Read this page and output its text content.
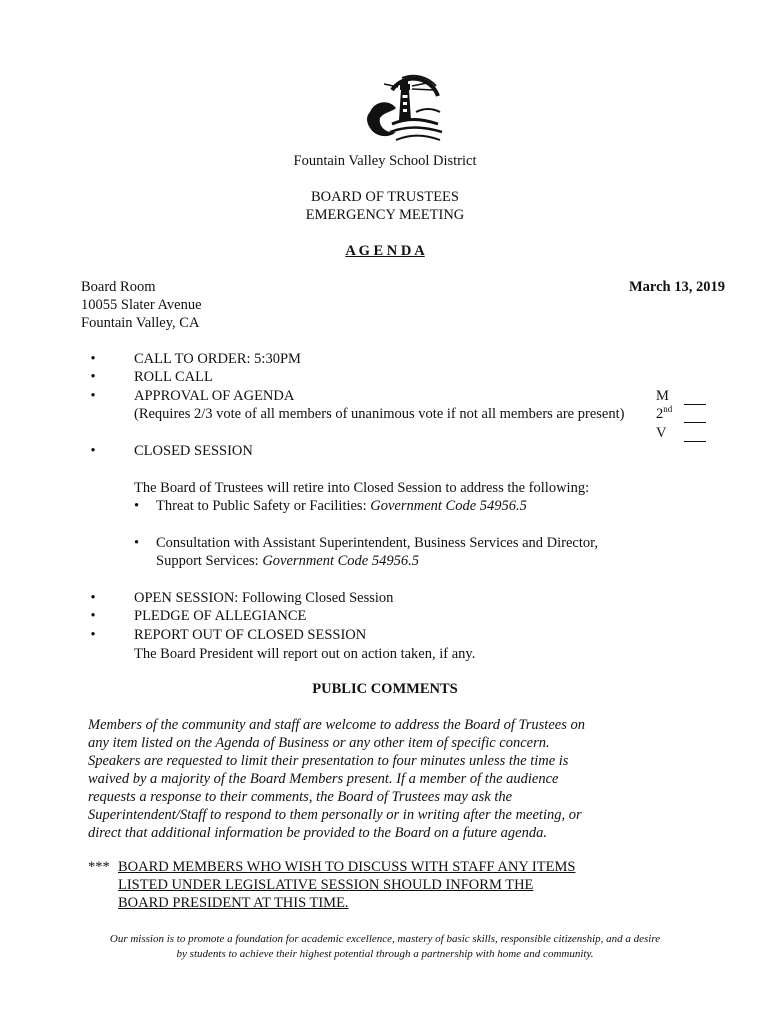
Fountain Valley School District
BOARD OF TRUSTEES
EMERGENCY MEETING
A G E N D A
Board Room
10055 Slater Avenue
Fountain Valley, CA
March 13, 2019
•	CALL TO ORDER: 5:30PM
•	ROLL CALL
•	APPROVAL OF AGENDA
(Requires 2/3 vote of all members of unanimous vote if not all members are present)
M
2nd
V
•	CLOSED SESSION
The Board of Trustees will retire into Closed Session to address the following:
• Threat to Public Safety or Facilities: Government Code 54956.5
• Consultation with Assistant Superintendent, Business Services and Director,
Support Services: Government Code 54956.5
•	OPEN SESSION: Following Closed Session
•	PLEDGE OF ALLEGIANCE
•	REPORT OUT OF CLOSED SESSION
The Board President will report out on action taken, if any.
PUBLIC COMMENTS

Members of the community and staff are welcome to address the Board of Trustees on

any item listed on the Agenda of Business or any other item of specific concern.

Speakers are requested to limit their presentation to four minutes unless the time is

waived by a majority of the Board Members present. If a member of the audience

requests a response to their comments, the Board of Trustees may ask the

Superintendent/Staff to respond to them personally or in writing after the meeting, or

direct that additional information be provided to the Board on a future agenda.

*** BOARD MEMBERS WHO WISH TO DISCUSS WITH STAFF ANY ITEMS
LISTED UNDER LEGISLATIVE SESSION SHOULD INFORM THE
BOARD PRESIDENT AT THIS TIME.
Our mission is to promote a foundation for academic excellence, mastery of basic skills, responsible citizenship, and a desire
by students to achieve their highest potential through a partnership with home and community.
